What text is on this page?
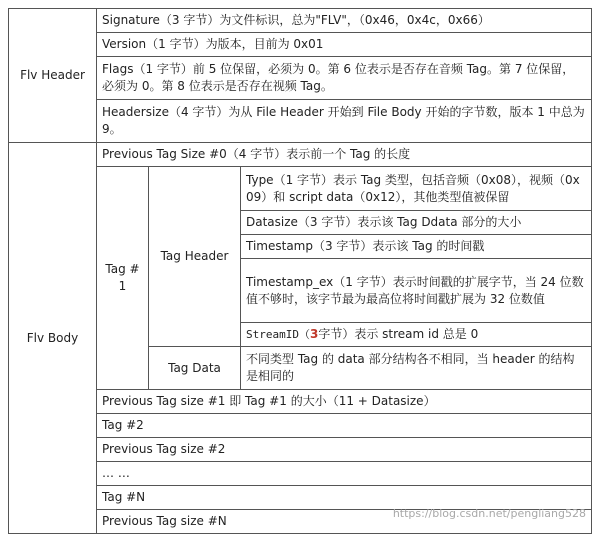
Flv Header	Signature（3 字节）为文件标识，总为"FLV"，（0x46，0x4c，0x66）		
	Version（1 字节）为版本，目前为 0x01		
	Flags（1 字节）前 5 位保留，必须为 0。第 6 位表示是否存在音频 Tag。第 7 位保留，必须为 0。第 8 位表示是否存在视频 Tag。		
	Headersize（4 字节）为从 File Header 开始到 File Body 开始的字节数，版本 1 中总为 9。		
Flv Body	Previous Tag Size #0（4 字节）表示前一个 Tag 的长度		
	Tag #1	Tag Header	Type（1 字节）表示 Tag 类型，包括音频（0x08），视频（0x09）和 script data（0x12），其他类型值被保留
			Datasize（3 字节）表示该 Tag Ddata 部分的大小
			Timestamp（3 字节）表示该 Tag 的时间戳
			Timestamp_ex（1 字节）表示时间戳的扩展字节，当 24 位数值不够时，该字节最为最高位将时间戳扩展为 32 位数值
			StreamID（3字节）表示 stream id 总是 0
		Tag Data	不同类型 Tag 的 data 部分结构各不相同，当 header 的结构是相同的
	Previous Tag size #1 即 Tag #1 的大小（11 + Datasize）		
	Tag #2		
	Previous Tag size #2		
	… …		
	Tag #N		
	Previous Tag size #N		
https://blog.csdn.net/pengliang528
